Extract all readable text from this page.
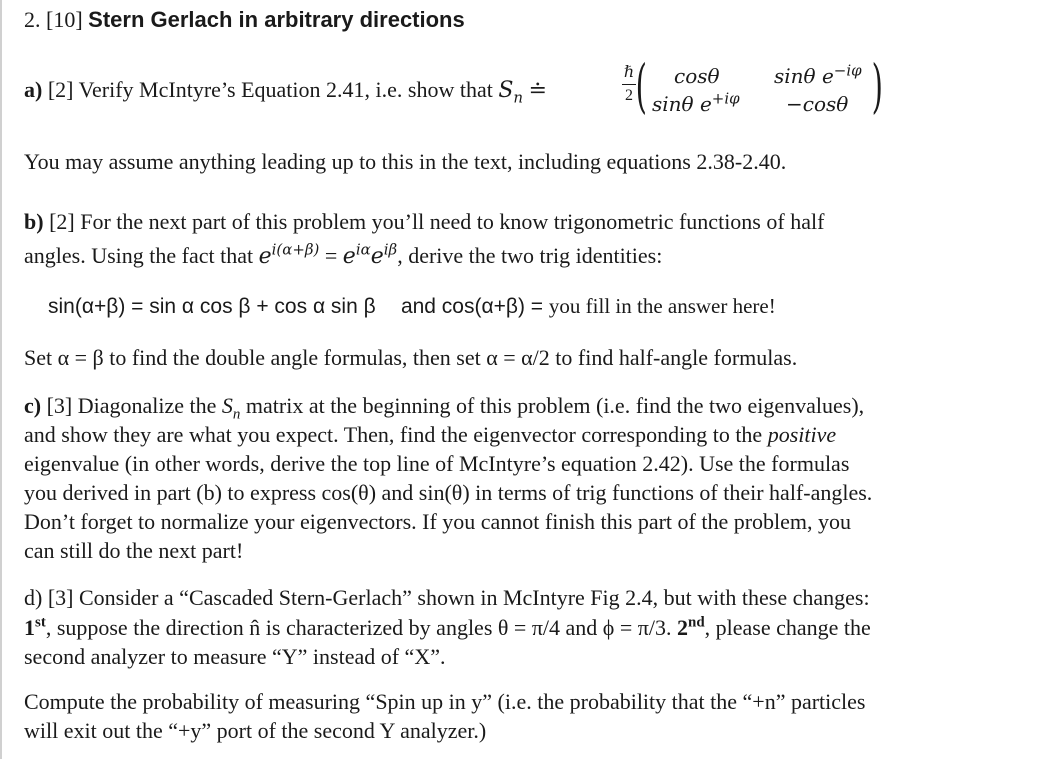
2. [10] Stern Gerlach in arbitrary directions
a) [2] Verify McIntyre’s Equation 2.41, i.e. show that $S_n$ ≐
ℏ
2 ( cosθ	sinθ $e^{-i\varphi}$
sinθ $e^{+i\varphi} -\cos\theta$ )
You may assume anything leading up to this in the text, including equations 2.38-2.40.
b) [2] For the next part of this problem you’ll need to know trigonometric functions of half
angles. Using the fact that $e^{i(\alpha+\beta)} = e^{i\alpha}e^{i\beta}$, derive the two trig identities:
sin(α+β) = sin α cos β + cos α sin β and cos(α+β) = you fill in the answer here!
Set α = β to find the double angle formulas, then set α = α/2 to find half-angle formulas.
c) [3] Diagonalize the $S_n$ matrix at the beginning of this problem (i.e. find the two eigenvalues),
and show they are what you expect. Then, find the eigenvector corresponding to the positive
eigenvalue (in other words, derive the top line of McIntyre’s equation 2.42). Use the formulas
you derived in part (b) to express cos(θ) and sin(θ) in terms of trig functions of their half-angles.
Don’t forget to normalize your eigenvectors. If you cannot finish this part of the problem, you
can still do the next part!
d) [3] Consider a “Cascaded Stern-Gerlach” shown in McIntyre Fig 2.4, but with these changes:
1st, suppose the direction n̂ is characterized by angles θ = π/4 and ϕ = π/3. 2nd, please change the
second analyzer to measure “Y” instead of “X”.
Compute the probability of measuring “Spin up in y” (i.e. the probability that the “+n” particles
will exit out the “+y” port of the second Y analyzer.)
